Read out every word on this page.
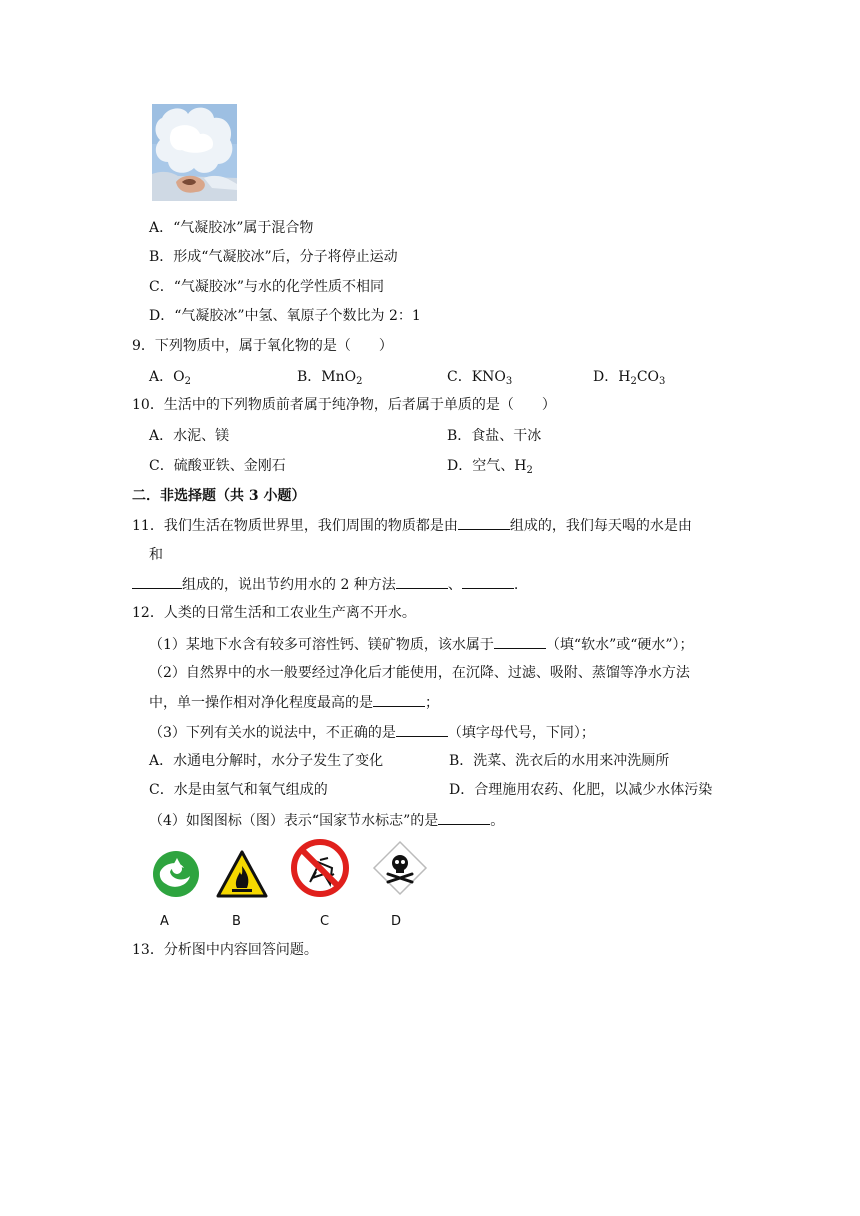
A．“气凝胶冰”属于混合物
B．形成“气凝胶冰”后，分子将停止运动
C．“气凝胶冰”与水的化学性质不相同
D．“气凝胶冰”中氢、氧原子个数比为 2：1
9．下列物质中，属于氧化物的是（　　）
A．$O_2$	B．MnO$_2$	C．$KNO_3$	D．$H_2CO_3$
10．生活中的下列物质前者属于纯净物，后者属于单质的是（　　）
A．水泥、镁	B．食盐、干冰
C．硫酸亚铁、金刚石	D．空气、$H_2$
二．非选择题（共 3 小题）
11．我们生活在物质世界里，我们周围的物质都是由	组成的，我们每天喝的水是由
和
组成的，说出节约用水的 2 种方法	、	.
12．人类的日常生活和工农业生产离不开水。
（1）某地下水含有较多可溶性钙、镁矿物质，该水属于	（填“软水”或“硬水”）；
（2）自然界中的水一般要经过净化后才能使用，在沉降、过滤、吸附、蒸馏等净水方法
中，单一操作相对净化程度最高的是	；
（3）下列有关水的说法中，不正确的是	（填字母代号，下同）；
A．水通电分解时，水分子发生了变化	B．洗菜、洗衣后的水用来冲洗厕所
C．水是由氢气和氧气组成的	D．合理施用农药、化肥，以减少水体污染
（4）如图图标（图）表示“国家节水标志”的是	。
A	B	C	D
13．分析图中内容回答问题。
